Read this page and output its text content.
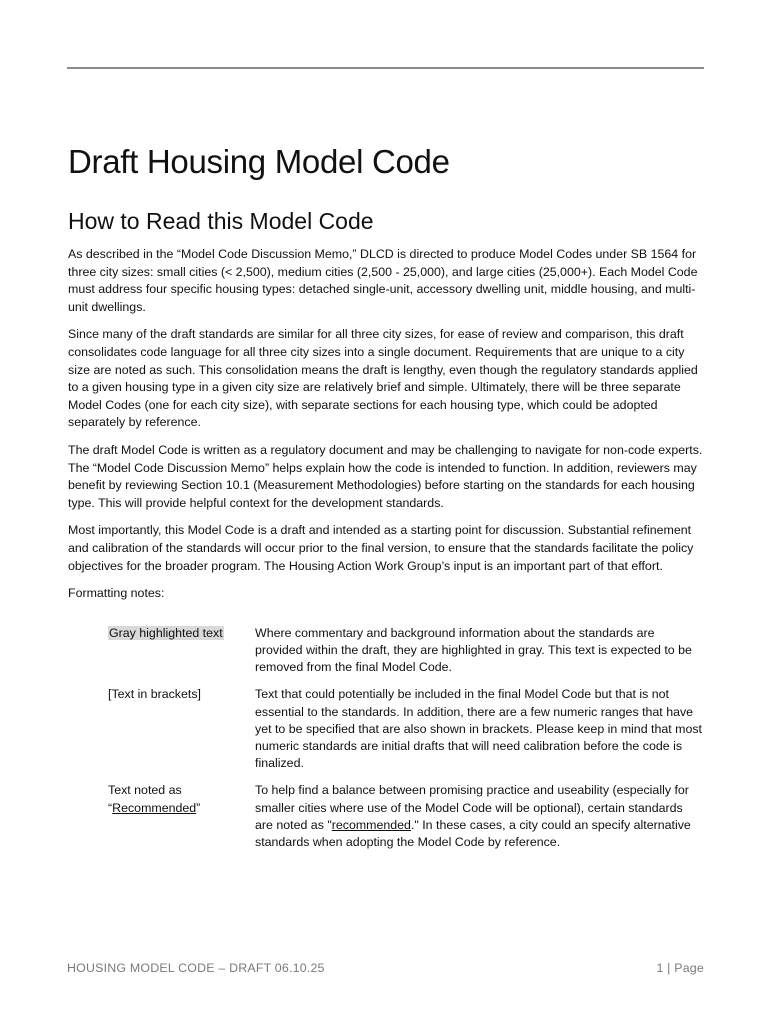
Draft Housing Model Code
How to Read this Model Code

As described in the “Model Code Discussion Memo,” DLCD is directed to produce Model Codes under SB 1564 for three city sizes: small cities (< 2,500), medium cities (2,500 - 25,000), and large cities (25,000+). Each Model Code must address four specific housing types: detached single-unit, accessory dwelling unit, middle housing, and multi-unit dwellings.

Since many of the draft standards are similar for all three city sizes, for ease of review and comparison, this draft consolidates code language for all three city sizes into a single document. Requirements that are unique to a city size are noted as such. This consolidation means the draft is lengthy, even though the regulatory standards applied to a given housing type in a given city size are relatively brief and simple. Ultimately, there will be three separate Model Codes (one for each city size), with separate sections for each housing type, which could be adopted separately by reference.

The draft Model Code is written as a regulatory document and may be challenging to navigate for non-code experts. The “Model Code Discussion Memo” helps explain how the code is intended to function. In addition, reviewers may benefit by reviewing Section 10.1 (Measurement Methodologies) before starting on the standards for each housing type. This will provide helpful context for the development standards.

Most importantly, this Model Code is a draft and intended as a starting point for discussion. Substantial refinement and calibration of the standards will occur prior to the final version, to ensure that the standards facilitate the policy objectives for the broader program. The Housing Action Work Group’s input is an important part of that effort.

Formatting notes:

Gray highlighted text	Where commentary and background information about the standards are provided within the draft, they are highlighted in gray. This text is expected to be removed from the final Model Code.
[Text in brackets]	Text that could potentially be included in the final Model Code but that is not essential to the standards. In addition, there are a few numeric ranges that have yet to be specified that are also shown in brackets. Please keep in mind that most numeric standards are initial drafts that will need calibration before the code is finalized.
Text noted as
“Recommended”	To help find a balance between promising practice and useability (especially for smaller cities where use of the Model Code will be optional), certain standards are noted as "recommended." In these cases, a city could an specify alternative standards when adopting the Model Code by reference.
HOUSING MODEL CODE – DRAFT 06.10.25	1 | Page
